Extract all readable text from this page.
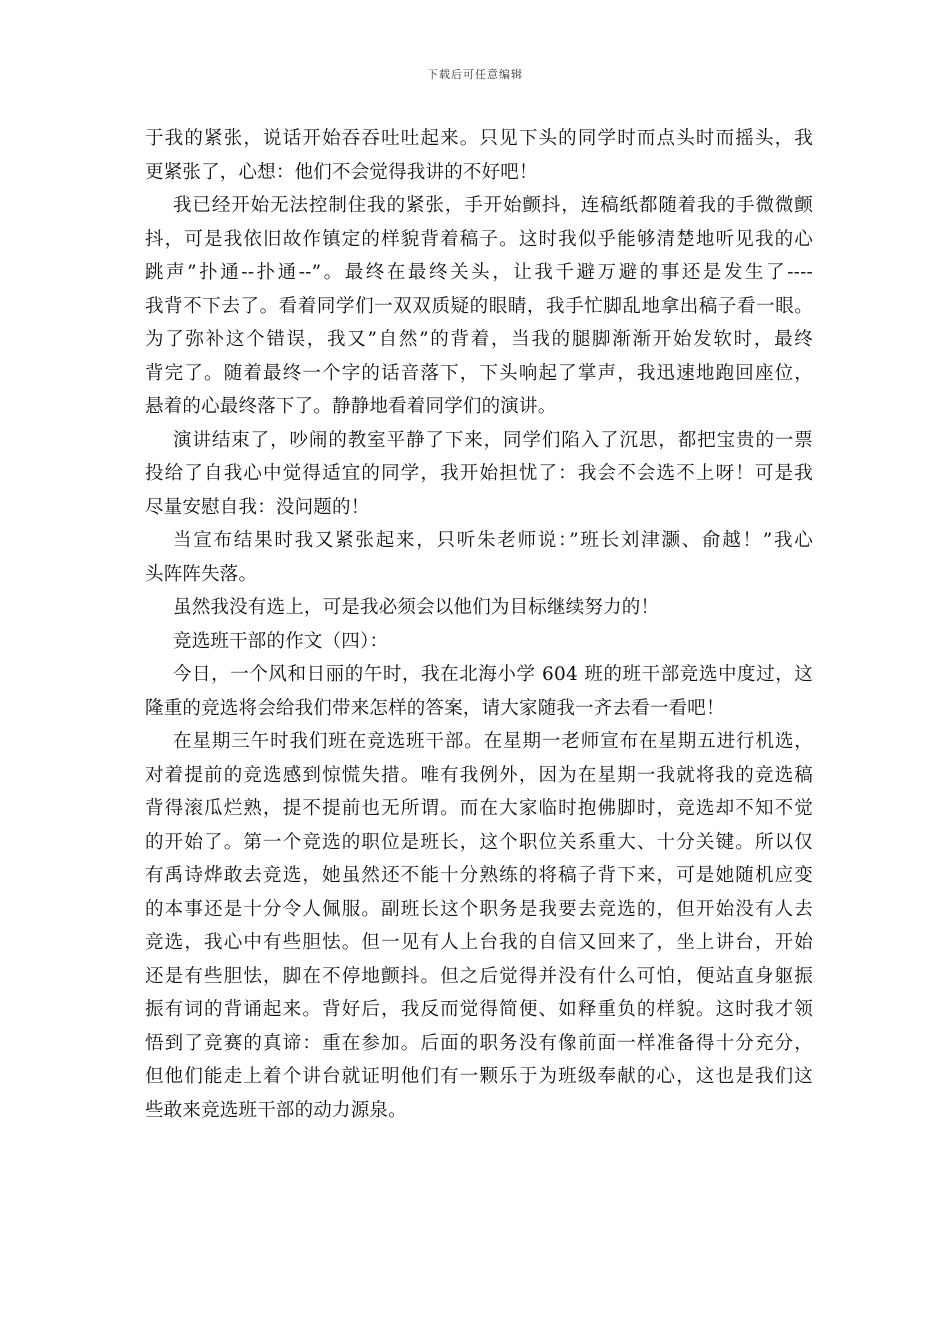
下载后可任意编辑
于我的紧张，说话开始吞吞吐吐起来。只见下头的同学时而点头时而摇头，我
更紧张了，心想：他们不会觉得我讲的不好吧！
我已经开始无法控制住我的紧张，手开始颤抖，连稿纸都随着我的手微微颤
抖，可是我依旧故作镇定的样貌背着稿子。这时我似乎能够清楚地听见我的心
跳声”扑通--扑通--”。最终在最终关头，让我千避万避的事还是发生了----
我背不下去了。看着同学们一双双质疑的眼睛，我手忙脚乱地拿出稿子看一眼。
为了弥补这个错误，我又”自然”的背着，当我的腿脚渐渐开始发软时，最终
背完了。随着最终一个字的话音落下，下头响起了掌声，我迅速地跑回座位，
悬着的心最终落下了。静静地看着同学们的演讲。
演讲结束了，吵闹的教室平静了下来，同学们陷入了沉思，都把宝贵的一票
投给了自我心中觉得适宜的同学，我开始担忧了：我会不会选不上呀！可是我
尽量安慰自我：没问题的！
当宣布结果时我又紧张起来，只听朱老师说：”班长刘津灏、俞越！”我心
头阵阵失落。
虽然我没有选上，可是我必须会以他们为目标继续努力的！
竞选班干部的作文（四）：
今日，一个风和日丽的午时，我在北海小学 604 班的班干部竞选中度过，这
隆重的竞选将会给我们带来怎样的答案，请大家随我一齐去看一看吧！
在星期三午时我们班在竞选班干部。在星期一老师宣布在星期五进行机选，
对着提前的竞选感到惊慌失措。唯有我例外，因为在星期一我就将我的竞选稿
背得滚瓜烂熟，提不提前也无所谓。而在大家临时抱佛脚时，竞选却不知不觉
的开始了。第一个竞选的职位是班长，这个职位关系重大、十分关键。所以仅
有禹诗烨敢去竞选，她虽然还不能十分熟练的将稿子背下来，可是她随机应变
的本事还是十分令人佩服。副班长这个职务是我要去竞选的，但开始没有人去
竞选，我心中有些胆怯。但一见有人上台我的自信又回来了，坐上讲台，开始
还是有些胆怯，脚在不停地颤抖。但之后觉得并没有什么可怕，便站直身躯振
振有词的背诵起来。背好后，我反而觉得简便、如释重负的样貌。这时我才领
悟到了竞赛的真谛：重在参加。后面的职务没有像前面一样准备得十分充分，
但他们能走上着个讲台就证明他们有一颗乐于为班级奉献的心，这也是我们这
些敢来竞选班干部的动力源泉。
